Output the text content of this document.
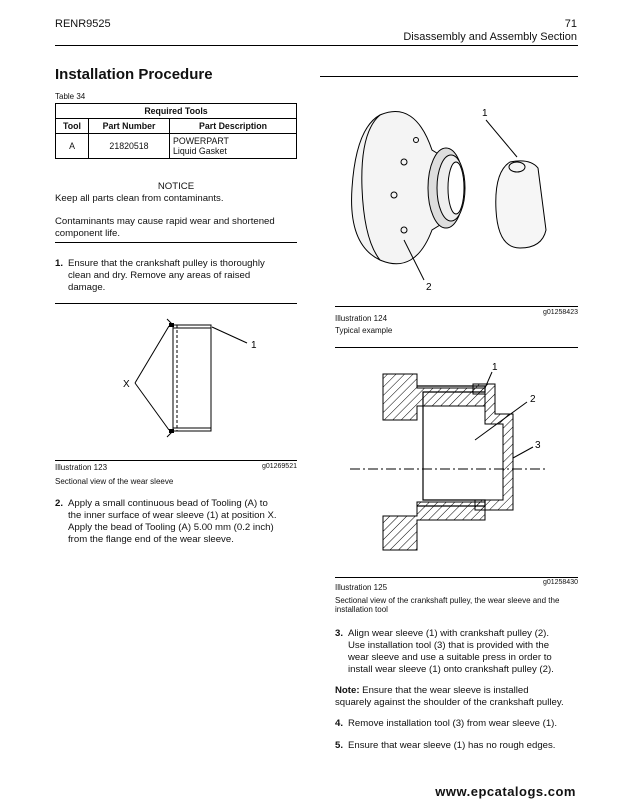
RENR9525	71
Disassembly and Assembly Section
Installation Procedure
Table 34
Required Tools		
Tool	Part Number	Part Description
A	21820518	POWERPART
Liquid Gasket
NOTICE
Keep all parts clean from contaminants.
Contaminants may cause rapid wear and shortened
component life.
1. Ensure that the crankshaft pulley is thoroughly
clean and dry. Remove any areas of raised
damage.
1
X
Illustration 123	g01269521
Sectional view of the wear sleeve
2. Apply a small continuous bead of Tooling (A) to
the inner surface of wear sleeve (1) at position X.
Apply the bead of Tooling (A) 5.00 mm (0.2 inch)
from the flange end of the wear sleeve.
1
2
Illustration 124
g01258423
Typical example
1
2
3
Illustration 125
g01258430
Sectional view of the crankshaft pulley, the wear sleeve and the
installation tool
3. Align wear sleeve (1) with crankshaft pulley (2).
Use installation tool (3) that is provided with the
wear sleeve and use a suitable press in order to
install wear sleeve (1) onto crankshaft pulley (2).
Note: Ensure that the wear sleeve is installed
squarely against the shoulder of the crankshaft pulley.
4. Remove installation tool (3) from wear sleeve (1).
5. Ensure that wear sleeve (1) has no rough edges.
www.epcatalogs.com
